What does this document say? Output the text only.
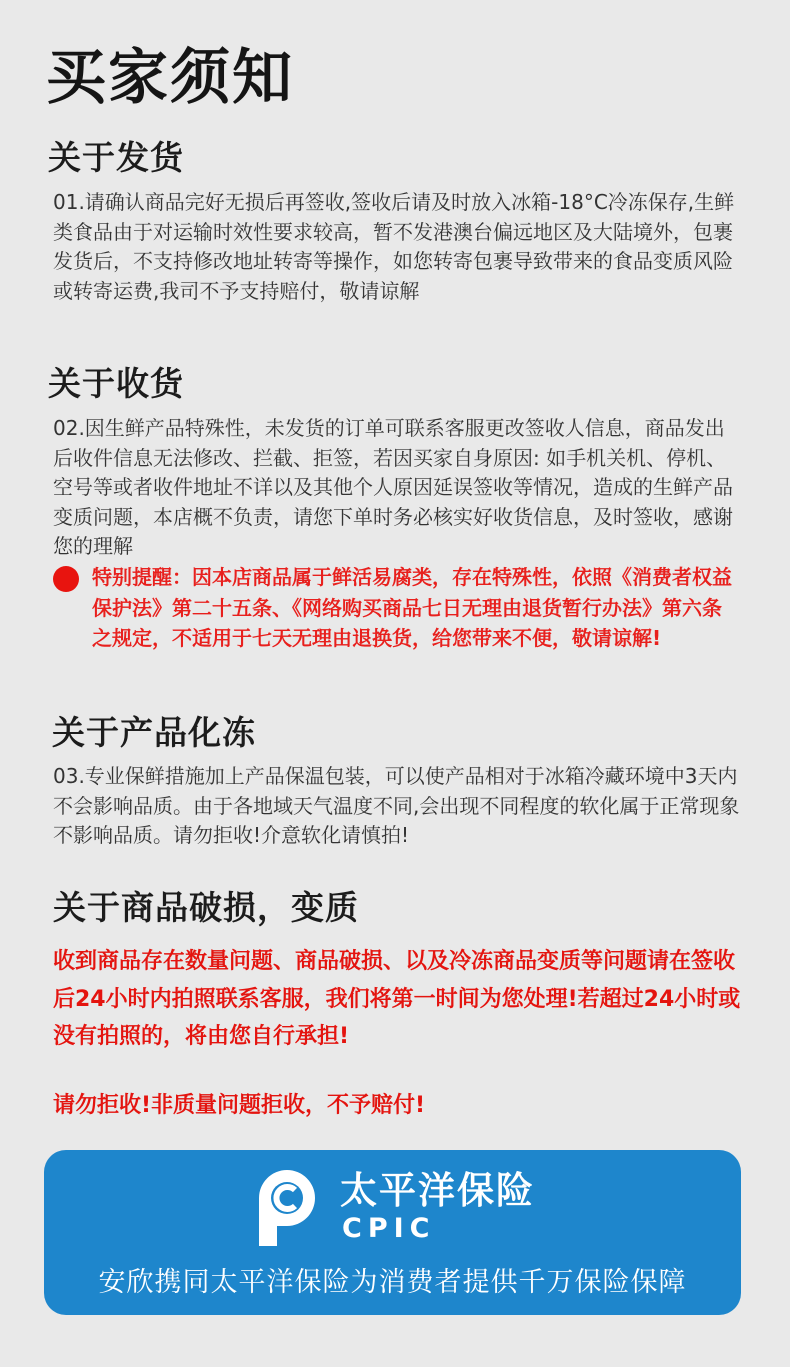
买家须知
关于发货
01.请确认商品完好无损后再签收,签收后请及时放入冰箱-18°C冷冻保存,生鲜类食品由于对运输时效性要求较高，暂不发港澳台偏远地区及大陆境外，包裹发货后，不支持修改地址转寄等操作，如您转寄包裹导致带来的食品变质风险或转寄运费,我司不予支持赔付，敬请谅解
关于收货
02.因生鲜产品特殊性，未发货的订单可联系客服更改签收人信息，商品发出后收件信息无法修改、拦截、拒签，若因买家自身原因: 如手机关机、停机、空号等或者收件地址不详以及其他个人原因延误签收等情况，造成的生鲜产品变质问题，本店概不负责，请您下单时务必核实好收货信息，及时签收，感谢您的理解
特别提醒：因本店商品属于鲜活易腐类，存在特殊性，依照《消费者权益保护法》第二十五条、《网络购买商品七日无理由退货暂行办法》第六条之规定，不适用于七天无理由退换货，给您带来不便，敬请谅解!
关于产品化冻
03.专业保鲜措施加上产品保温包装，可以使产品相对于冰箱冷藏环境中3天内不会影响品质。由于各地域天气温度不同,会出现不同程度的软化属于正常现象不影响品质。请勿拒收!介意软化请慎拍!
关于商品破损，变质
收到商品存在数量问题、商品破损、以及冷冻商品变质等问题请在签收后24小时内拍照联系客服，我们将第一时间为您处理!若超过24小时或没有拍照的，将由您自行承担!
请勿拒收!非质量问题拒收，不予赔付!
太平洋保险
CPIC
安欣携同太平洋保险为消费者提供千万保险保障
